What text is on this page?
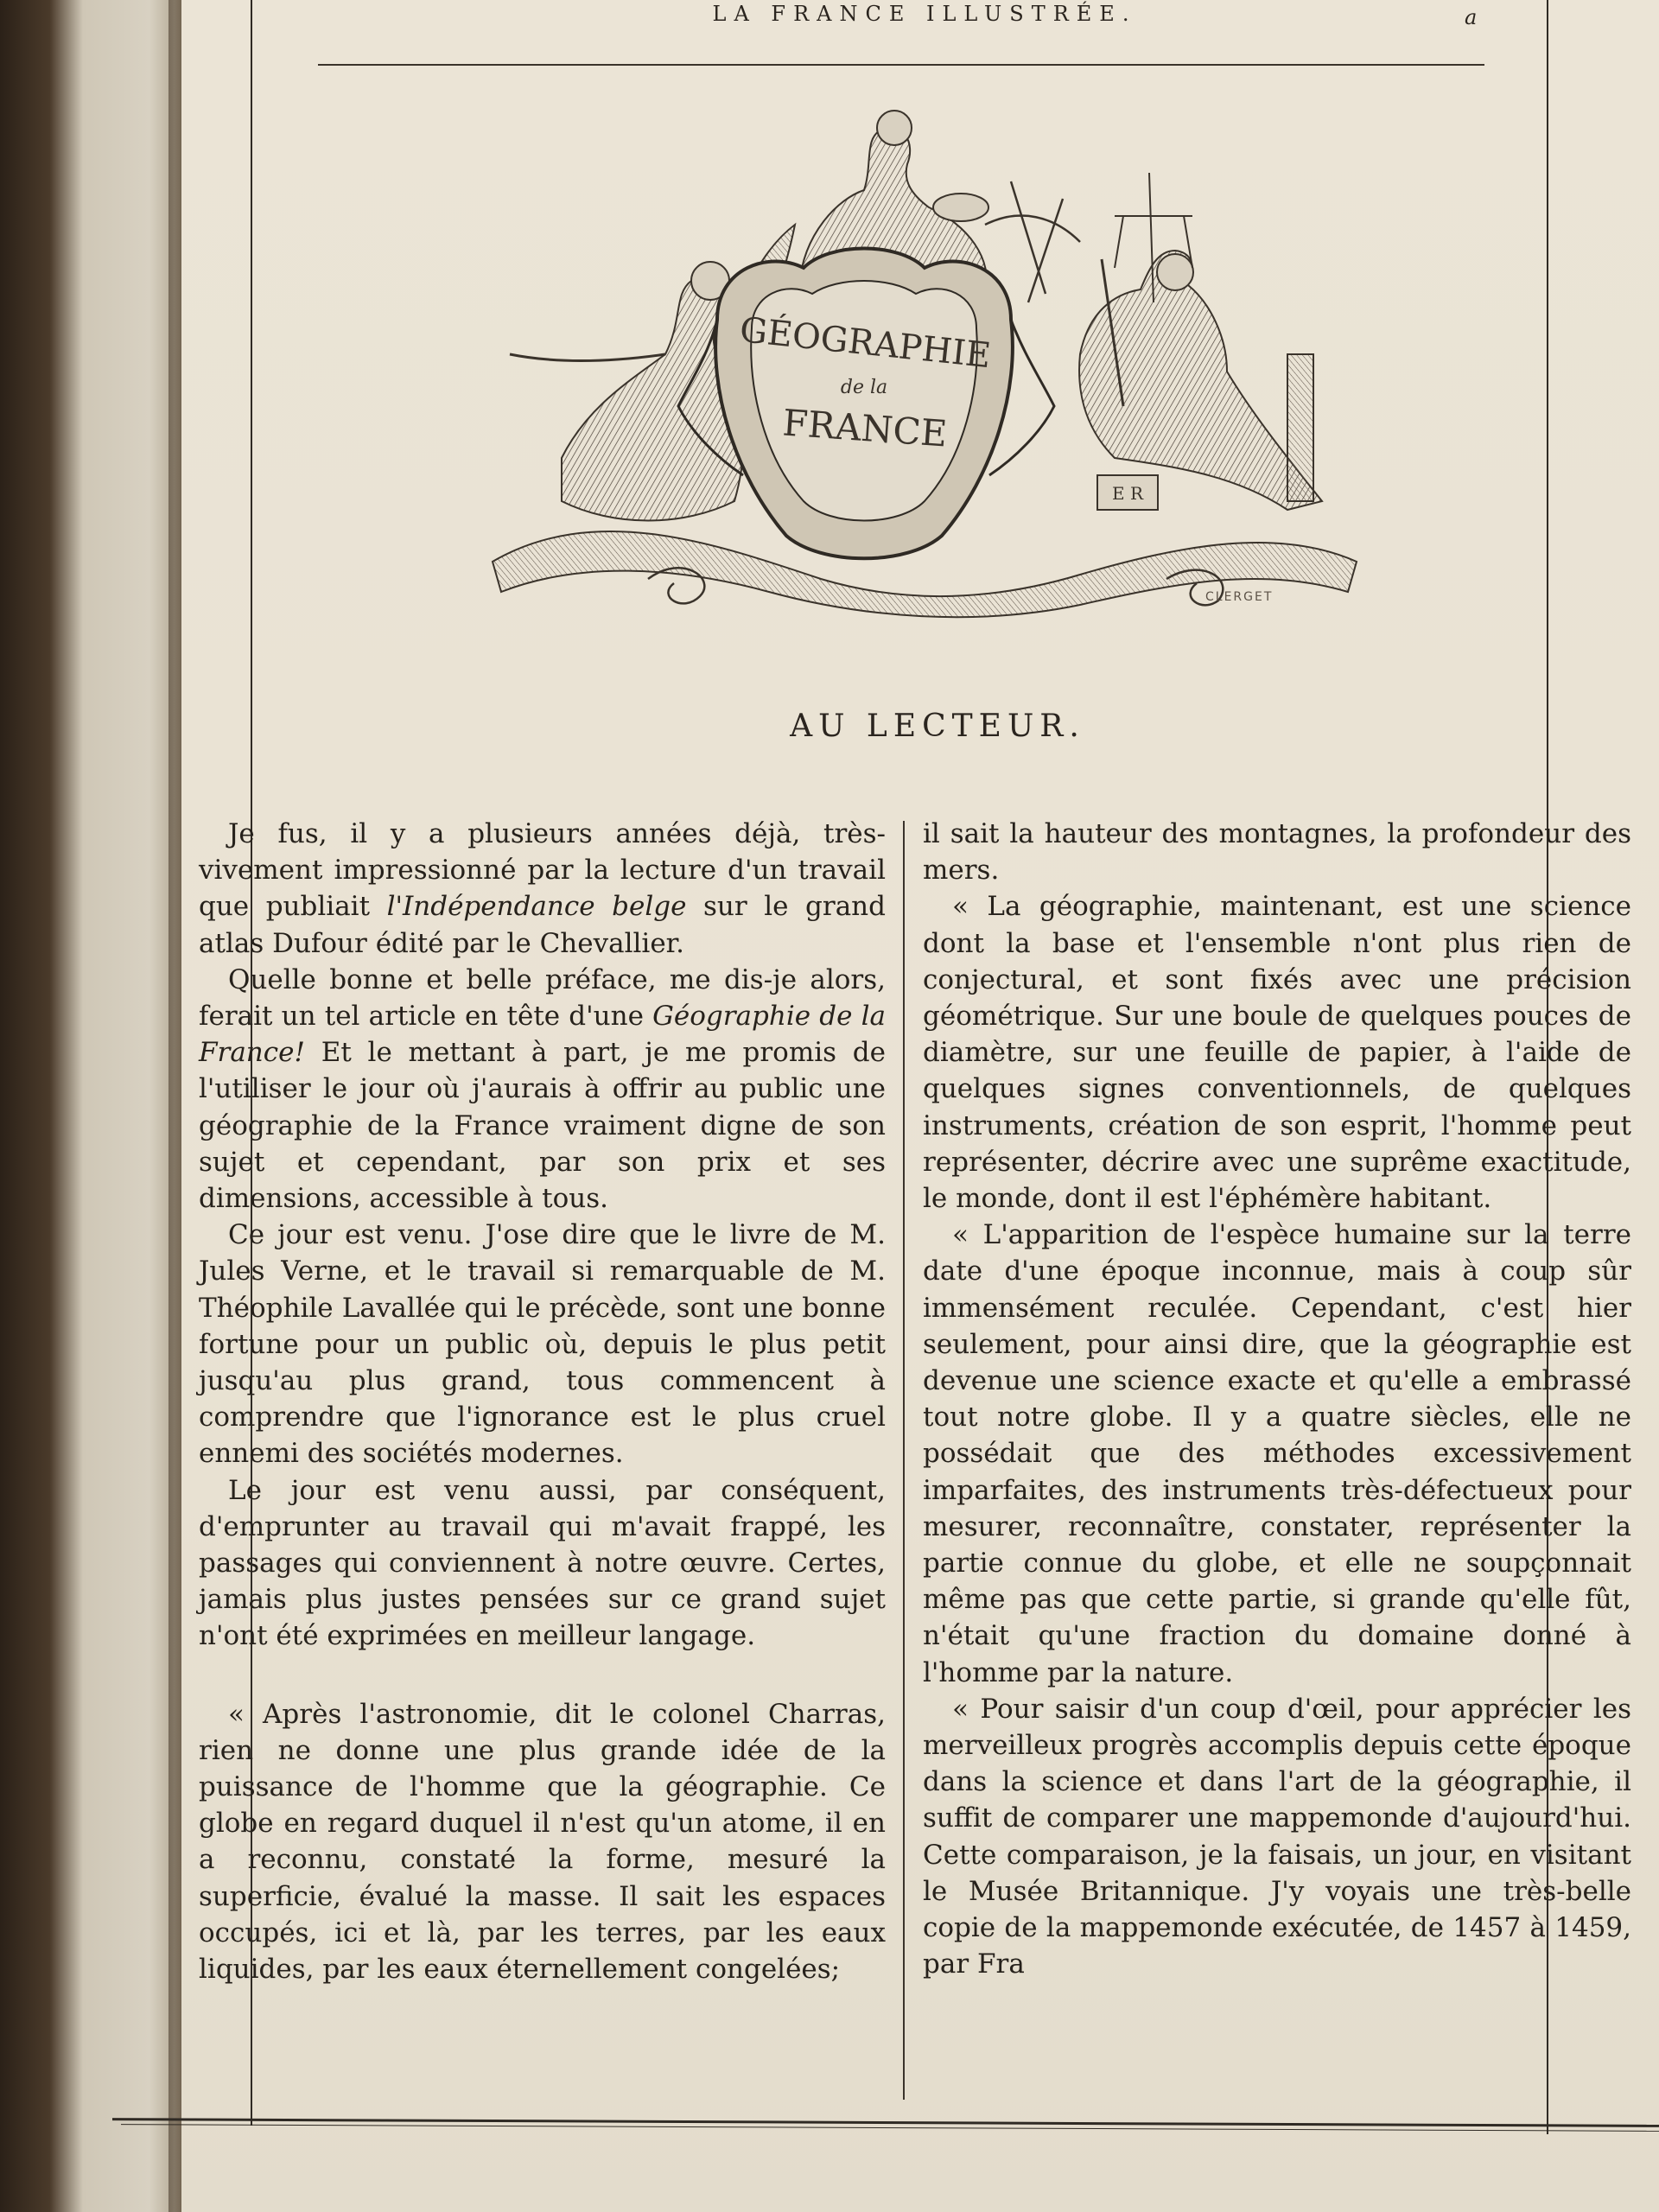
LA FRANCE ILLUSTRÉE.	a
E R
GÉOGRAPHIE
de la
FRANCE
CLERGET
AU LECTEUR.

Je fus, il y a plusieurs années déjà, très-vivement impressionné par la lecture d'un travail que publiait l'Indépendance belge sur le grand atlas Dufour édité par le Chevallier.

Quelle bonne et belle préface, me dis-je alors, ferait un tel article en tête d'une Géographie de la France! Et le mettant à part, je me promis de l'utiliser le jour où j'aurais à offrir au public une géographie de la France vraiment digne de son sujet et cependant, par son prix et ses dimensions, accessible à tous.

Ce jour est venu. J'ose dire que le livre de M. Jules Verne, et le travail si remarquable de M. Théophile Lavallée qui le précède, sont une bonne fortune pour un public où, depuis le plus petit jusqu'au plus grand, tous commencent à comprendre que l'ignorance est le plus cruel ennemi des sociétés modernes.

Le jour est venu aussi, par conséquent, d'emprunter au travail qui m'avait frappé, les passages qui conviennent à notre œuvre. Certes, jamais plus justes pensées sur ce grand sujet n'ont été exprimées en meilleur langage.

« Après l'astronomie, dit le colonel Charras, rien ne donne une plus grande idée de la puissance de l'homme que la géographie. Ce globe en regard duquel il n'est qu'un atome, il en a reconnu, constaté la forme, mesuré la superficie, évalué la masse. Il sait les espaces occupés, ici et là, par les terres, par les eaux liquides, par les eaux éternellement congelées;

il sait la hauteur des montagnes, la profondeur des mers.

« La géographie, maintenant, est une science dont la base et l'ensemble n'ont plus rien de conjectural, et sont fixés avec une précision géométrique. Sur une boule de quelques pouces de diamètre, sur une feuille de papier, à l'aide de quelques signes conventionnels, de quelques instruments, création de son esprit, l'homme peut représenter, décrire avec une suprême exactitude, le monde, dont il est l'éphémère habitant.

« L'apparition de l'espèce humaine sur la terre date d'une époque inconnue, mais à coup sûr immensément reculée. Cependant, c'est hier seulement, pour ainsi dire, que la géographie est devenue une science exacte et qu'elle a embrassé tout notre globe. Il y a quatre siècles, elle ne possédait que des méthodes excessivement imparfaites, des instruments très-défectueux pour mesurer, reconnaître, constater, représenter la partie connue du globe, et elle ne soupçonnait même pas que cette partie, si grande qu'elle fût, n'était qu'une fraction du domaine donné à l'homme par la nature.

« Pour saisir d'un coup d'œil, pour apprécier les merveilleux progrès accomplis depuis cette époque dans la science et dans l'art de la géographie, il suffit de comparer une mappemonde d'aujourd'hui. Cette comparaison, je la faisais, un jour, en visitant le Musée Britannique. J'y voyais une très-belle copie de la mappemonde exécutée, de 1457 à 1459, par Fra
